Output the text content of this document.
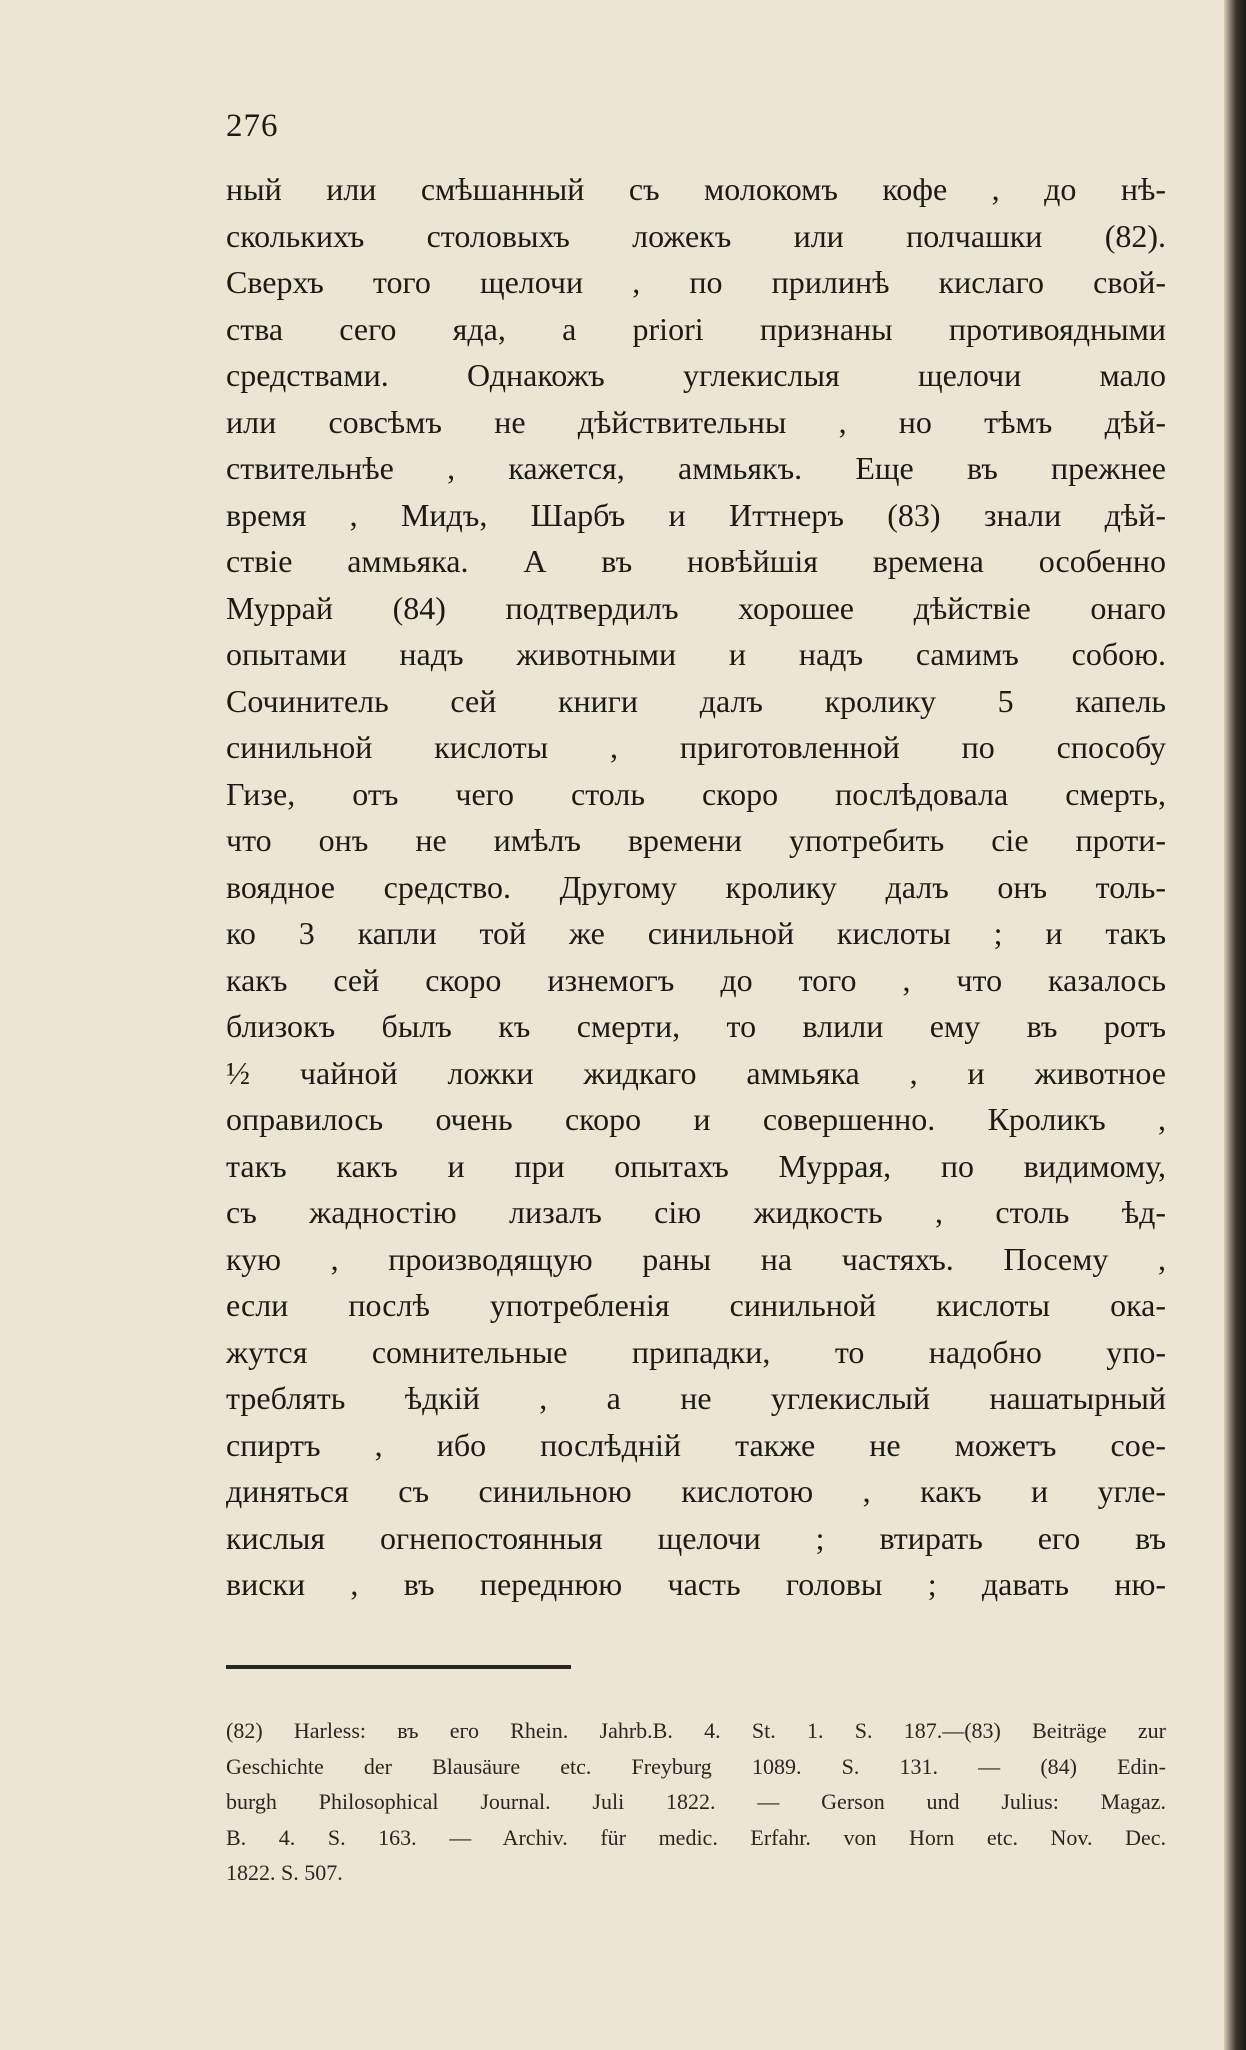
276
ный или смѣшанный съ молокомъ кофе , до нѣ-
сколькихъ столовыхъ ложекъ или полчашки (82).
Сверхъ того щелочи , по прилинѣ кислаго свой-
ства сего яда, a priori признаны противоядными
средствами. Однакожъ углекислыя щелочи мало
или совсѣмъ не дѣйствительны , но тѣмъ дѣй-
ствительнѣе , кажется, аммьякъ. Еще въ прежнее
время , Мидъ, Шарбъ и Иттнеръ (83) знали дѣй-
ствіе аммьяка. А въ новѣйшія времена особенно
Муррай (84) подтвердилъ хорошее дѣйствіе онаго
опытами надъ животными и надъ самимъ собою.
Сочинитель сей книги далъ кролику 5 капель
синильной кислоты , приготовленной по способу
Гизе, отъ чего столь скоро послѣдовала смерть,
что онъ не имѣлъ времени употребить сіе проти-
воядное средство. Другому кролику далъ онъ толь-
ко 3 капли той же синильной кислоты ; и такъ
какъ сей скоро изнемогъ до того , что казалось
близокъ былъ къ смерти, то влили ему въ ротъ
½ чайной ложки жидкаго аммьяка , и животное
оправилось очень скоро и совершенно. Кроликъ ,
такъ какъ и при опытахъ Муррая, по видимому,
съ жадностію лизалъ сію жидкость , столь ѣд-
кую , производящую раны на частяхъ. Посему ,
если послѣ употребленія синильной кислоты ока-
жутся сомнительные припадки, то надобно упо-
треблять ѣдкій , а не углекислый нашатырный
спиртъ , ибо послѣдній также не можетъ сое-
диняться съ синильною кислотою , какъ и угле-
кислыя огнепостоянныя щелочи ; втирать его въ
виски , въ переднюю часть головы ; давать ню-
(82) Harless: въ его Rhein. Jahrb.B. 4. St. 1. S. 187.—(83) Beiträge zur
Geschichte der Blausäure etc. Freyburg 1089. S. 131. — (84) Edin-
burgh Philosophical Journal. Juli 1822. — Gerson und Julius: Magaz.
B. 4. S. 163. — Archiv. für medic. Erfahr. von Horn etc. Nov. Dec.
1822. S. 507.
